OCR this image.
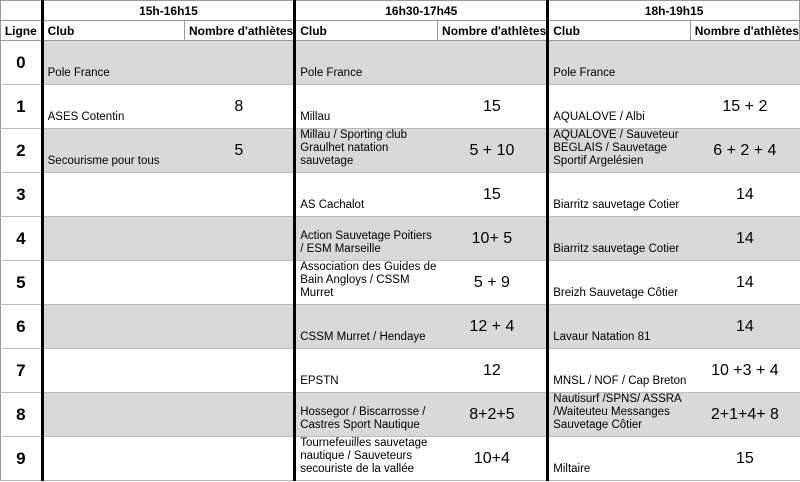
	15h-16h15		16h30-17h45		18h-19h15	
Ligne	Club	Nombre d'athlètes	Club	Nombre d'athlètes	Club	Nombre d'athlètes

0	Pole France		Pole France		Pole France	

1	ASES Cotentin	8	Millau	15	AQUALOVE / Albi	15 + 2

2	Secourisme pour tous	5	Millau / Sporting club Graulhet natation sauvetage	5 + 10	AQUALOVE / Sauveteur BEGLAIS / Sauvetage Sportif Argelésien	6 + 2 + 4

3			AS Cachalot	15	Biarritz sauvetage Cotier	14

4			Action Sauvetage Poitiers / ESM Marseille	10+ 5	Biarritz sauvetage Cotier	14

5			Association des Guides de Bain Angloys / CSSM Murret	5 + 9	Breizh Sauvetage Côtier	14

6			CSSM Murret / Hendaye	12 + 4	Lavaur Natation 81	14

7			EPSTN	12	MNSL / NOF / Cap Breton	10 +3 + 4

8			Hossegor / Biscarrosse / Castres Sport Nautique	8+2+5	Nautisurf /SPNS/ ASSRA /Waiteuteu Messanges Sauvetage Côtier	2+1+4+ 8

9			Tournefeuilles sauvetage nautique / Sauveteurs secouriste de la vallée	10+4	Miltaire	15
